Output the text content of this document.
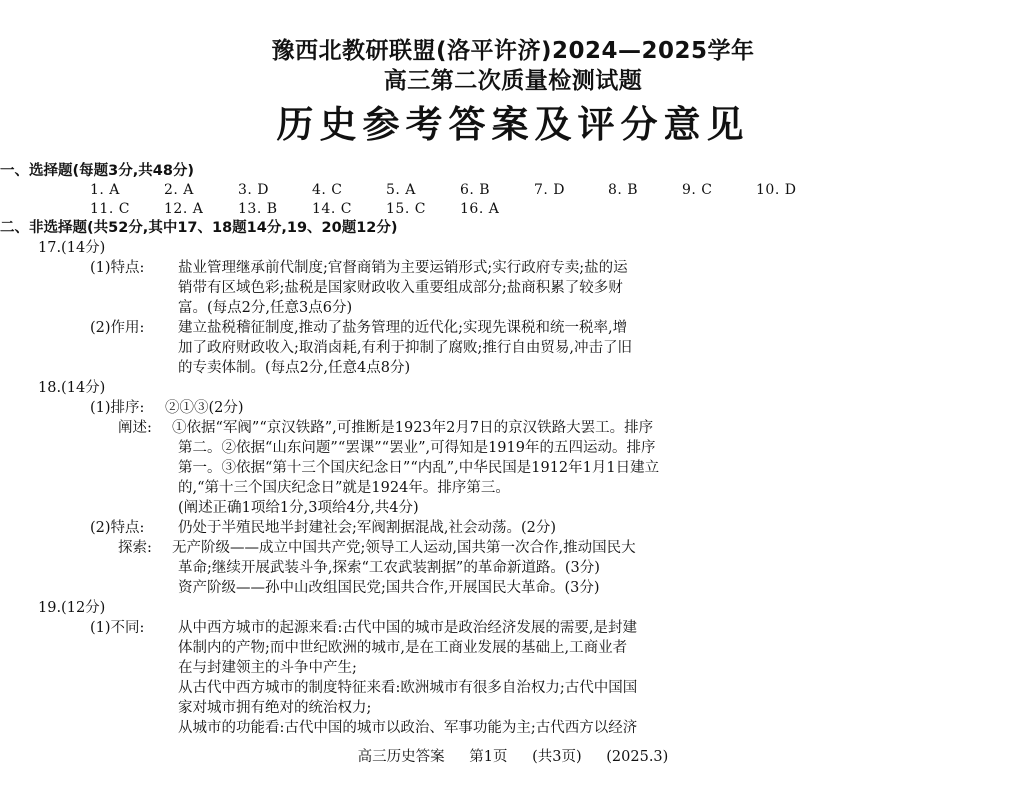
豫西北教研联盟(洛平许济)2024—2025学年
高三第二次质量检测试题
历史参考答案及评分意见
一、选择题(每题3分,共48分)
1. A	2. A	3. D	4. C	5. A	6. B	7. D	8. B	9. C	10. D
11. C 12. A 13. B 14. C 15. C 16. A
二、非选择题(共52分,其中17、18题14分,19、20题12分)
17.(14分)
(1)特点: 盐业管理继承前代制度;官督商销为主要运销形式;实行政府专卖;盐的运
销带有区域色彩;盐税是国家财政收入重要组成部分;盐商积累了较多财
富。(每点2分,任意3点6分)
(2)作用: 建立盐税稽征制度,推动了盐务管理的近代化;实现先课税和统一税率,增
加了政府财政收入;取消卤耗,有利于抑制了腐败;推行自由贸易,冲击了旧
的专卖体制。(每点2分,任意4点8分)
18.(14分)
(1)排序: ②①③(2分)
阐述: ①依据“军阀”“京汉铁路”,可推断是1923年2月7日的京汉铁路大罢工。排序
第二。②依据“山东问题”“罢课”“罢业”,可得知是1919年的五四运动。排序
第一。③依据“第十三个国庆纪念日”“内乱”,中华民国是1912年1月1日建立
的,“第十三个国庆纪念日”就是1924年。排序第三。
(阐述正确1项给1分,3项给4分,共4分)
(2)特点: 仍处于半殖民地半封建社会;军阀割据混战,社会动荡。(2分)
探索: 无产阶级——成立中国共产党;领导工人运动,国共第一次合作,推动国民大
革命;继续开展武装斗争,探索“工农武装割据”的革命新道路。(3分)
资产阶级——孙中山改组国民党;国共合作,开展国民大革命。(3分)
19.(12分)
(1)不同: 从中西方城市的起源来看:古代中国的城市是政治经济发展的需要,是封建
体制内的产物;而中世纪欧洲的城市,是在工商业发展的基础上,工商业者
在与封建领主的斗争中产生;
从古代中西方城市的制度特征来看:欧洲城市有很多自治权力;古代中国国
家对城市拥有绝对的统治权力;
从城市的功能看:古代中国的城市以政治、军事功能为主;古代西方以经济
高三历史答案 第1页 (共3页) (2025.3)
